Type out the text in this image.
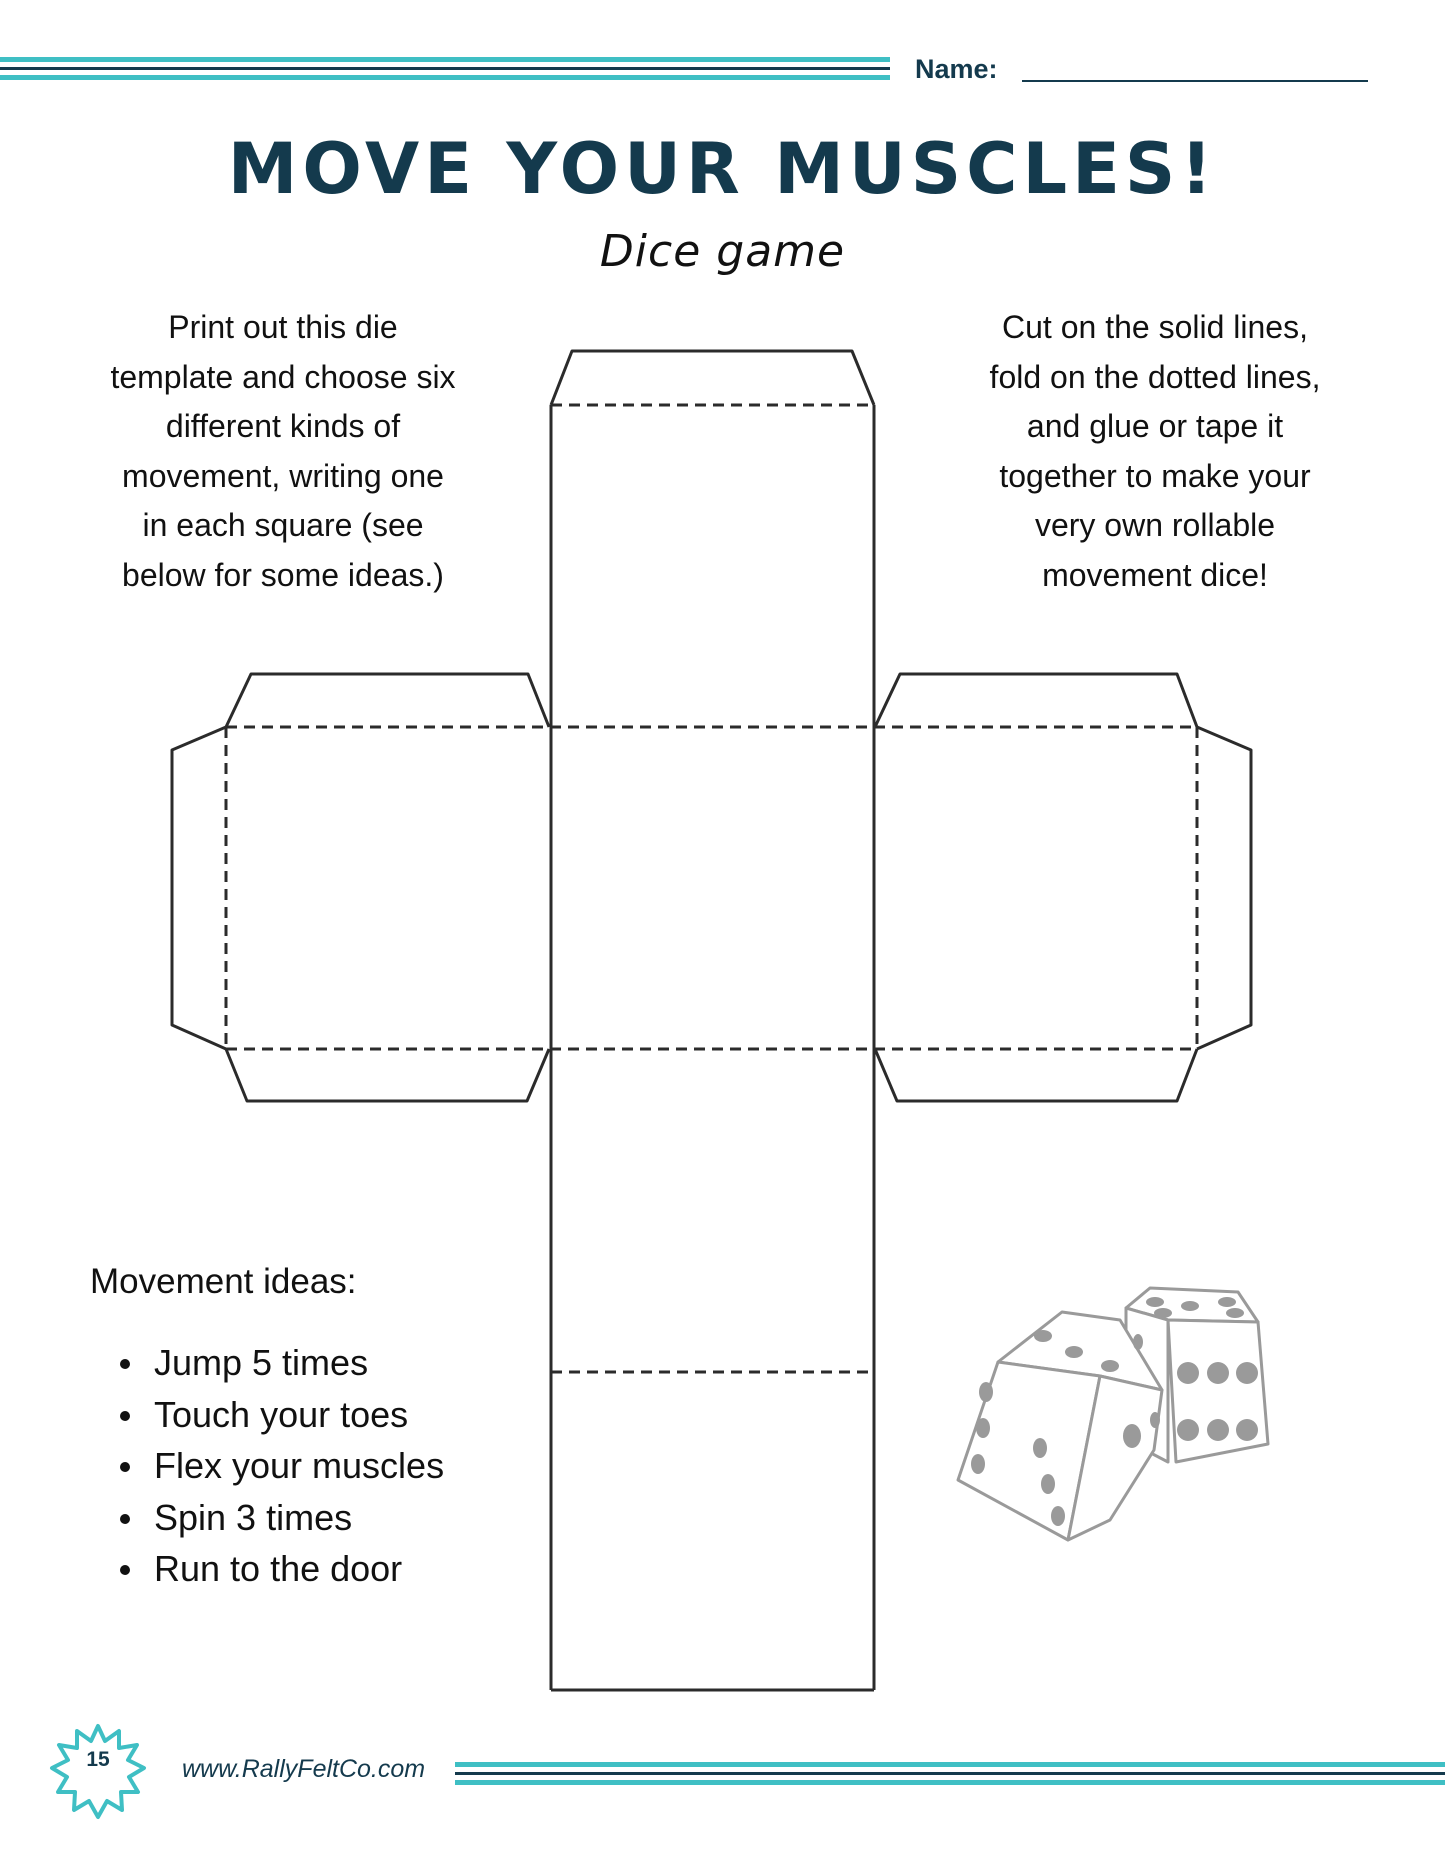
Name:
MOVE YOUR MUSCLES!
Dice game
Print out this die
template and choose six
different kinds of
movement, writing one
in each square (see
below for some ideas.)
Cut on the solid lines,
fold on the dotted lines,
and glue or tape it
together to make your
very own rollable
movement dice!
Movement ideas:
Jump 5 times
Touch your toes
Flex your muscles
Spin 3 times
Run to the door
15	www.RallyFeltCo.com
